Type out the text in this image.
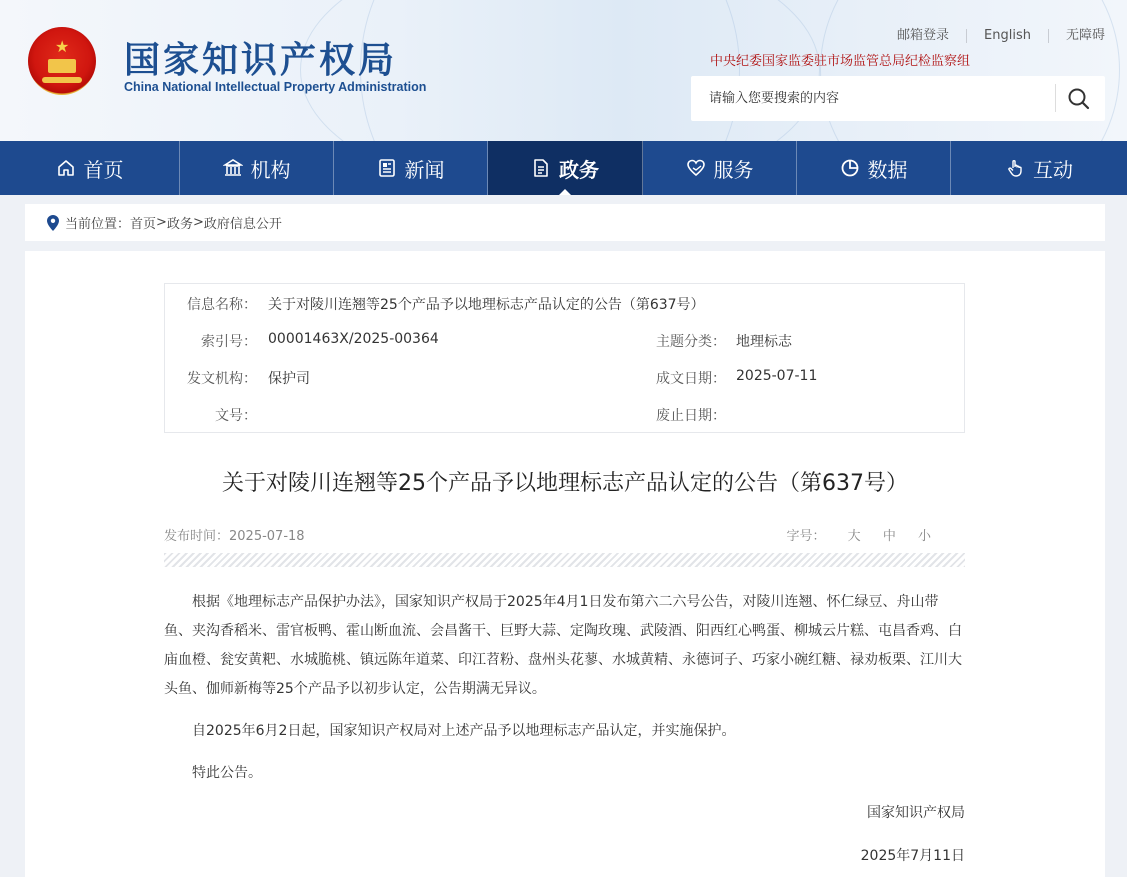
★ 国家知识产权局
China National Intellectual Property Administration
邮箱登录	English	无障碍
中央纪委国家监委驻市场监管总局纪检监察组
请输入您要搜索的内容
首页	机构	新闻	政务	服务	数据	互动
当前位置： 首页 > 政务 > 政府信息公开
信息名称： 关于对陵川连翘等25个产品予以地理标志产品认定的公告（第637号）
索引号： 00001463X/2025-00364	主题分类： 地理标志
发文机构： 保护司	成文日期： 2025-07-11
文号：	废止日期：
关于对陵川连翘等25个产品予以地理标志产品认定的公告（第637号）
发布时间：2025-07-18	字号： 大 中 小

根据《地理标志产品保护办法》，国家知识产权局于2025年4月1日发布第六二六号公告，对陵川连翘、怀仁绿豆、舟山带鱼、夹沟香稻米、雷官板鸭、霍山断血流、会昌酱干、巨野大蒜、定陶玫瑰、武陵酒、阳西红心鸭蛋、柳城云片糕、屯昌香鸡、白庙血橙、瓮安黄粑、水城脆桃、镇远陈年道菜、印江苕粉、盘州头花蓼、水城黄精、永德诃子、巧家小碗红糖、禄劝板栗、江川大头鱼、伽师新梅等25个产品予以初步认定，公告期满无异议。

自2025年6月2日起，国家知识产权局对上述产品予以地理标志产品认定，并实施保护。

特此公告。

国家知识产权局
2025年7月11日
